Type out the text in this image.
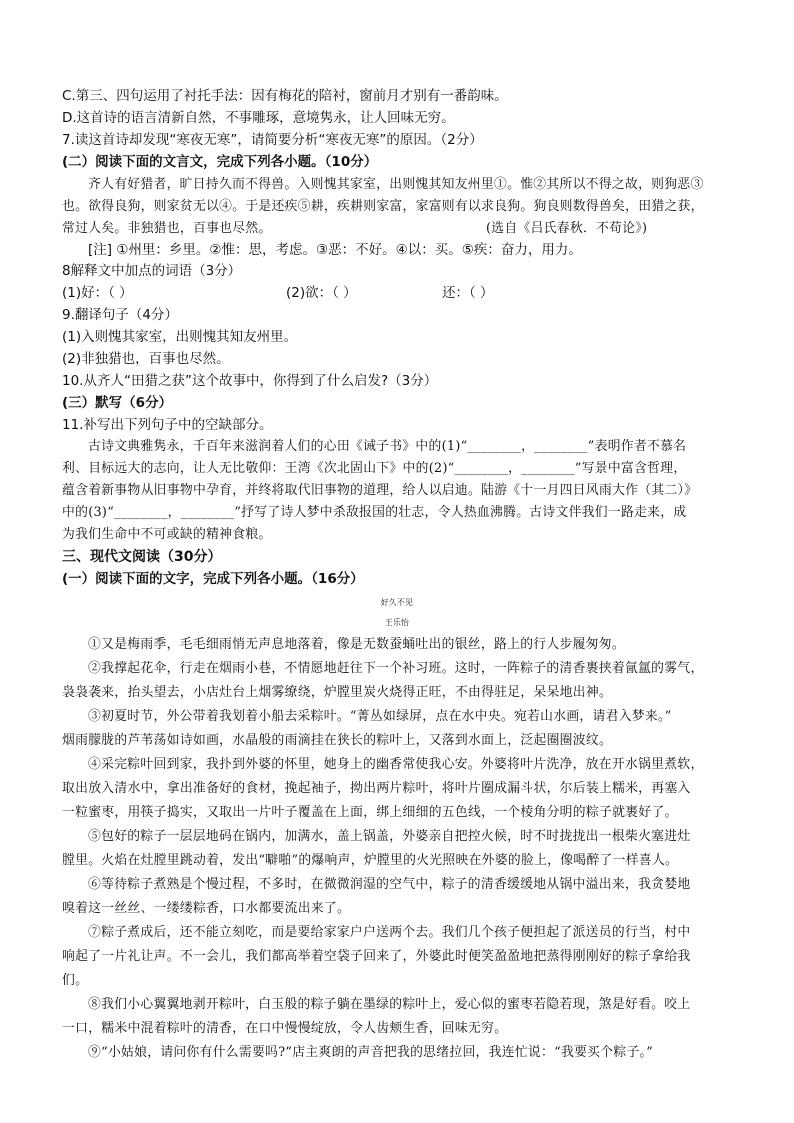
C.第三、四句运用了衬托手法：因有梅花的陪衬，窗前月才别有一番韵味。
D.这首诗的语言清新自然，不事雕琢，意境隽永，让人回味无穷。
7.读这首诗却发现“寒夜无寒”，请简要分析“寒夜无寒”的原因。（2分）
(二）阅读下面的文言文，完成下列各小题。（10分）
齐人有好猎者，旷日持久而不得兽。入则愧其家室，出则愧其知友州里①。惟②其所以不得之故，则狗恶③
也。欲得良狗，则家贫无以④。于是还疾⑤耕，疾耕则家富，家富则有以求良狗。狗良则数得兽矣，田猎之获，
常过人矣。非独猎也，百事也尽然。	(选自《吕氏春秋．不苟论》)
[注] ①州里：乡里。②惟：思，考虑。③恶：不好。④以：买。⑤疾：奋力，用力。
8解释文中加点的词语（3分）
(1)好：（ ）	(2)欲：（ ）	还：（ ）
9.翻译句子（4分）
(1)入则愧其家室，出则愧其知友州里。
(2)非独猎也，百事也尽然。
10.从齐人“田猎之获”这个故事中，你得到了什么启发?（3分）
(三）默写（6分）
11.补写出下列句子中的空缺部分。
古诗文典雅隽永，千百年来滋润着人们的心田《诫子书》中的(1)“________，________”表明作者不慕名
利、目标远大的志向，让人无比敬仰：王湾《次北固山下》中的(2)“________，________”写景中富含哲理，
蕴含着新事物从旧事物中孕育，并终将取代旧事物的道理，给人以启迪。陆游《十一月四日风雨大作（其二）》
中的(3)“________，________”抒写了诗人梦中杀敌报国的壮志，令人热血沸腾。古诗文伴我们一路走来，成
为我们生命中不可或缺的精神食粮。
三、现代文阅读（30分）
(一）阅读下面的文字，完成下列各小题。（16分）
好久不见
王乐怡
①又是梅雨季，毛毛细雨悄无声息地落着，像是无数蚕蛹吐出的银丝，路上的行人步履匆匆。
②我撑起花伞，行走在烟雨小巷，不情愿地赶往下一个补习班。这时，一阵粽子的清香裹挟着氤氲的雾气，
袅袅袭来，抬头望去，小店灶台上烟雾缭绕，炉膛里炭火烧得正旺，不由得驻足，呆呆地出神。
③初夏时节，外公带着我划着小船去采粽叶。“菁丛如绿屏，点在水中央。宛若山水画，请君入梦来。”
烟雨朦胧的芦苇荡如诗如画，水晶般的雨滴挂在狭长的粽叶上，又落到水面上，泛起圈圈波纹。
④采完粽叶回到家，我扑到外婆的怀里，她身上的幽香常使我心安。外婆将叶片洗净，放在开水锅里煮软，
取出放入清水中，拿出准备好的食材，挽起袖子，拗出两片粽叶，将叶片圈成漏斗状，尔后装上糯米，再塞入
一粒蜜枣，用筷子捣实，又取出一片叶子覆盖在上面，绑上细细的五色线，一个棱角分明的粽子就裹好了。
⑤包好的粽子一层层地码在锅内，加满水，盖上锅盖，外婆亲自把控火候，时不时拢拢出一根柴火塞进灶
膛里。火焰在灶膛里跳动着，发出“噼啪”的爆响声，炉膛里的火光照映在外婆的脸上，像喝醉了一样喜人。
⑥等待粽子煮熟是个慢过程，不多时，在微微润湿的空气中，粽子的清香缓缓地从锅中溢出来，我贪婪地
嗅着这一丝丝、一缕缕粽香，口水都要流出来了。
⑦粽子煮成后，还不能立刻吃，而是要给家家户户送两个去。我们几个孩子便担起了派送员的行当，村中
响起了一片礼让声。不一会儿，我们都高举着空袋子回来了，外婆此时便笑盈盈地把蒸得刚刚好的粽子拿给我
们。
⑧我们小心翼翼地剥开粽叶，白玉般的粽子躺在墨绿的粽叶上，爱心似的蜜枣若隐若现，煞是好看。咬上
一口，糯米中混着粽叶的清香，在口中慢慢绽放，令人齿颊生香，回味无穷。
⑨“小姑娘，请问你有什么需要吗?”店主爽朗的声音把我的思绪拉回，我连忙说：“我要买个粽子。”
